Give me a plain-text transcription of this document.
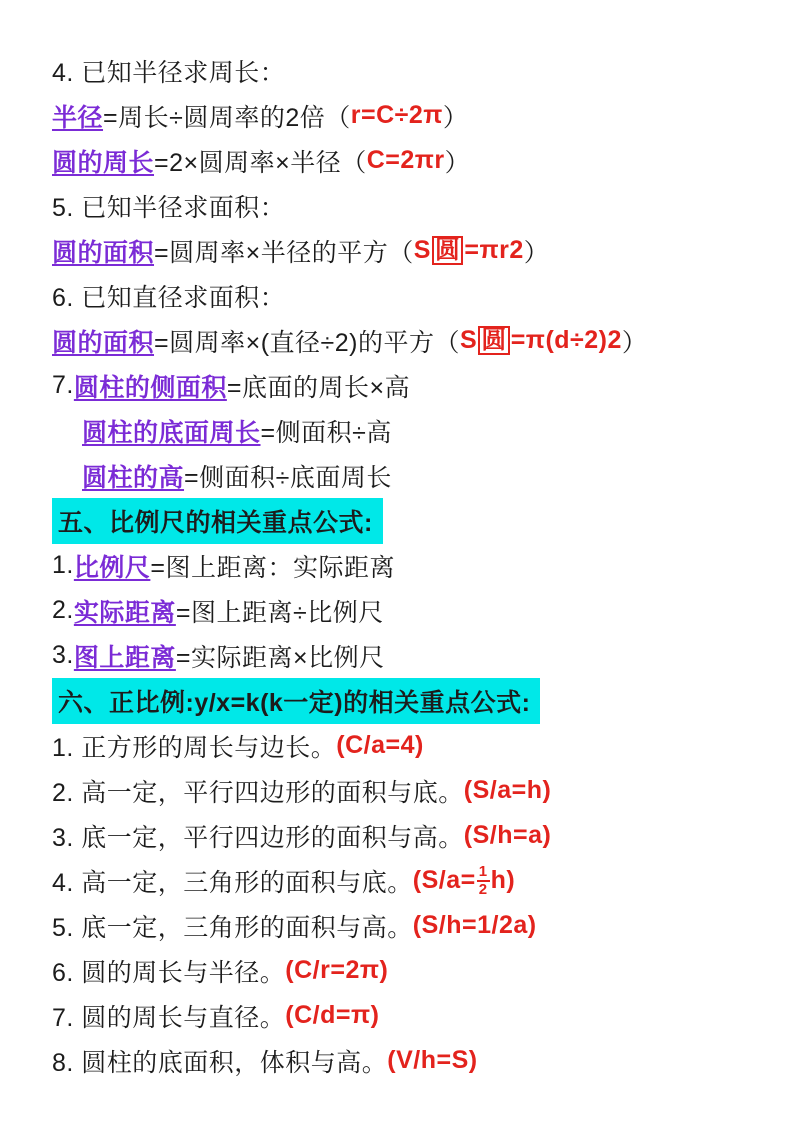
4. 已知半径求周长：
半径 =周长÷圆周率的2倍（ r=C÷2π ）
圆的周长 =2×圆周率×半径（ C=2πr ）
5. 已知半径求面积：
圆的面积 =圆周率×半径的平方（ S 圆 =πr2 ）
6. 已知直径求面积：
圆的面积 =圆周率×(直径÷2)的平方（ S 圆 =π(d÷2)2 ）
7. 圆柱的侧面积 =底面的周长×高
圆柱的底面周长 =侧面积÷高
圆柱的高 =侧面积÷底面周长
五、比例尺的相关重点公式:
1. 比例尺 =图上距离：实际距离
2. 实际距离 =图上距离÷比例尺
3. 图上距离 =实际距离×比例尺
六、正比例:y/x=k(k一定)的相关重点公式:
1. 正方形的周长与边长。 (C/a=4)
2. 高一定，平行四边形的面积与底。 (S/a=h)
3. 底一定，平行四边形的面积与高。 (S/h=a)
4. 高一定，三角形的面积与底。 $(S/a= \frac{1}{2} h)$
5. 底一定，三角形的面积与高。 (S/h=1/2a)
6. 圆的周长与半径。 (C/r=2π)
7. 圆的周长与直径。 (C/d=π)
8. 圆柱的底面积，体积与高。 (V/h=S)
